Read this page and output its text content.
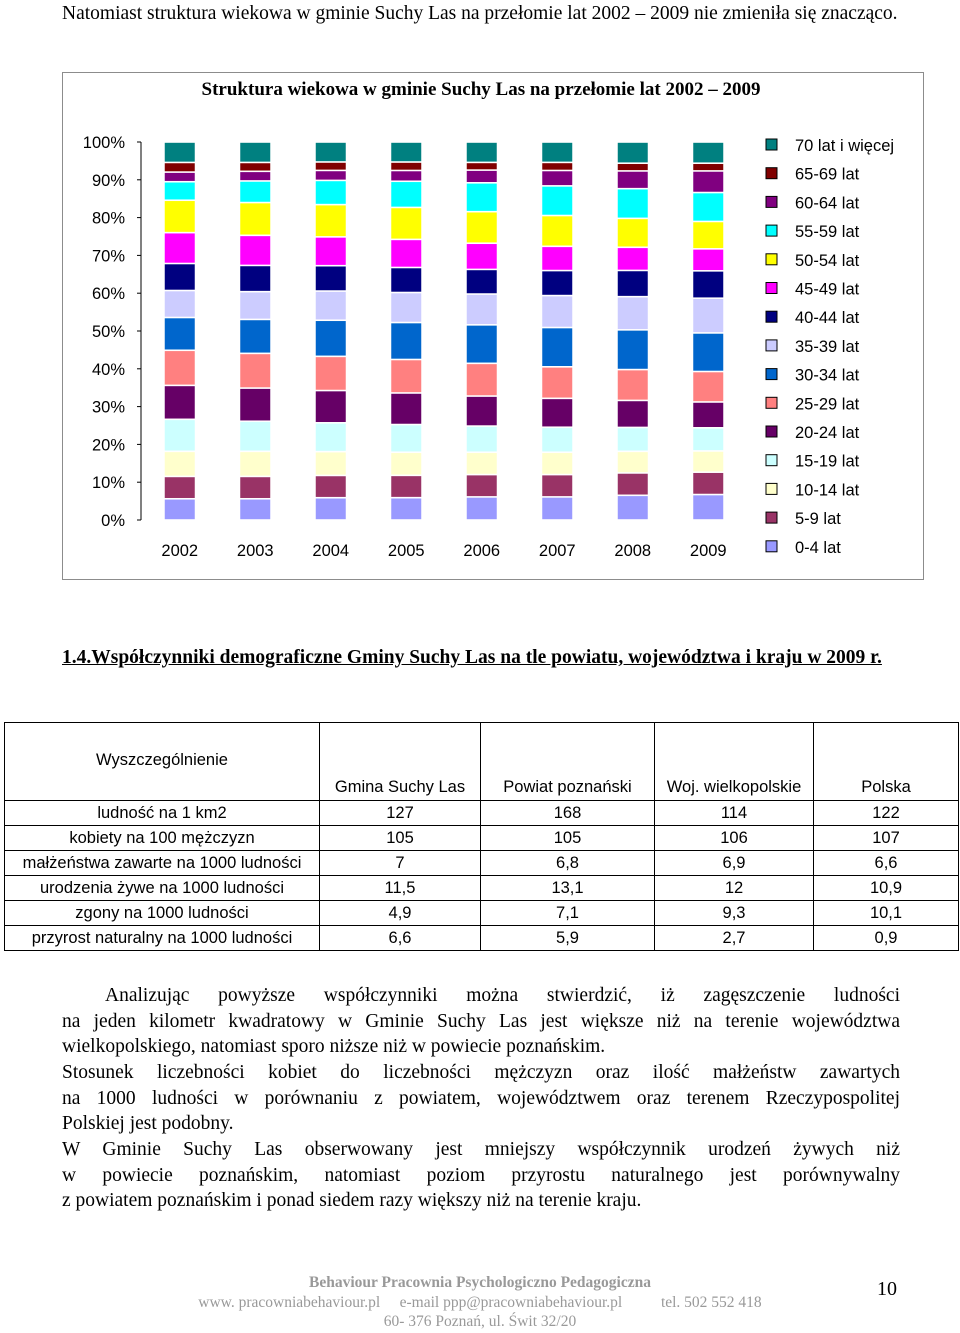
Natomiast struktura wiekowa w gminie Suchy Las na przełomie lat 2002 – 2009 nie zmieniła się znacząco.
Struktura wiekowa w gminie Suchy Las na przełomie lat 2002 – 2009
0%
10%
20%
30%
40%
50%
60%
70%
80%
90%
100%
2002 2003 2004 2005 2006 2007 2008 2009
70 lat i więcej
65-69 lat
60-64 lat
55-59 lat
50-54 lat
45-49 lat
40-44 lat
35-39 lat
30-34 lat
25-29 lat
20-24 lat
15-19 lat
10-14 lat
5-9 lat
0-4 lat
1.4.Współczynniki demograficzne Gminy Suchy Las na tle powiatu, województwa i kraju w 2009 r.
Wyszczególnienie	Gmina Suchy Las	Powiat poznański	Woj. wielkopolskie	Polska
ludność na 1 km2	127	168	114	122
kobiety na 100 mężczyzn	105	105	106	107
małżeństwa zawarte na 1000 ludności	7	6,8	6,9	6,6
urodzenia żywe na 1000 ludności	11,5	13,1	12	10,9
zgony na 1000 ludności	4,9	7,1	9,3	10,1
przyrost naturalny na 1000 ludności	6,6	5,9	2,7	0,9
Analizując powyższe współczynniki można stwierdzić, iż zagęszczenie ludności
na jeden kilometr kwadratowy w Gminie Suchy Las jest większe niż na terenie województwa
wielkopolskiego, natomiast sporo niższe niż w powiecie poznańskim.
Stosunek liczebności kobiet do liczebności mężczyzn oraz ilość małżeństw zawartych
na 1000 ludności w porównaniu z powiatem, województwem oraz terenem Rzeczypospolitej
Polskiej jest podobny.
W Gminie Suchy Las obserwowany jest mniejszy współczynnik urodzeń żywych niż
w powiecie poznańskim, natomiast poziom przyrostu naturalnego jest porównywalny
z powiatem poznańskim i ponad siedem razy większy niż na terenie kraju.
Behaviour Pracownia Psychologiczno Pedagogiczna
www. pracowniabehaviour.pl     e-mail ppp@pracowniabehaviour.pl          tel. 502 552 418
60- 376 Poznań, ul. Świt 32/20
10
